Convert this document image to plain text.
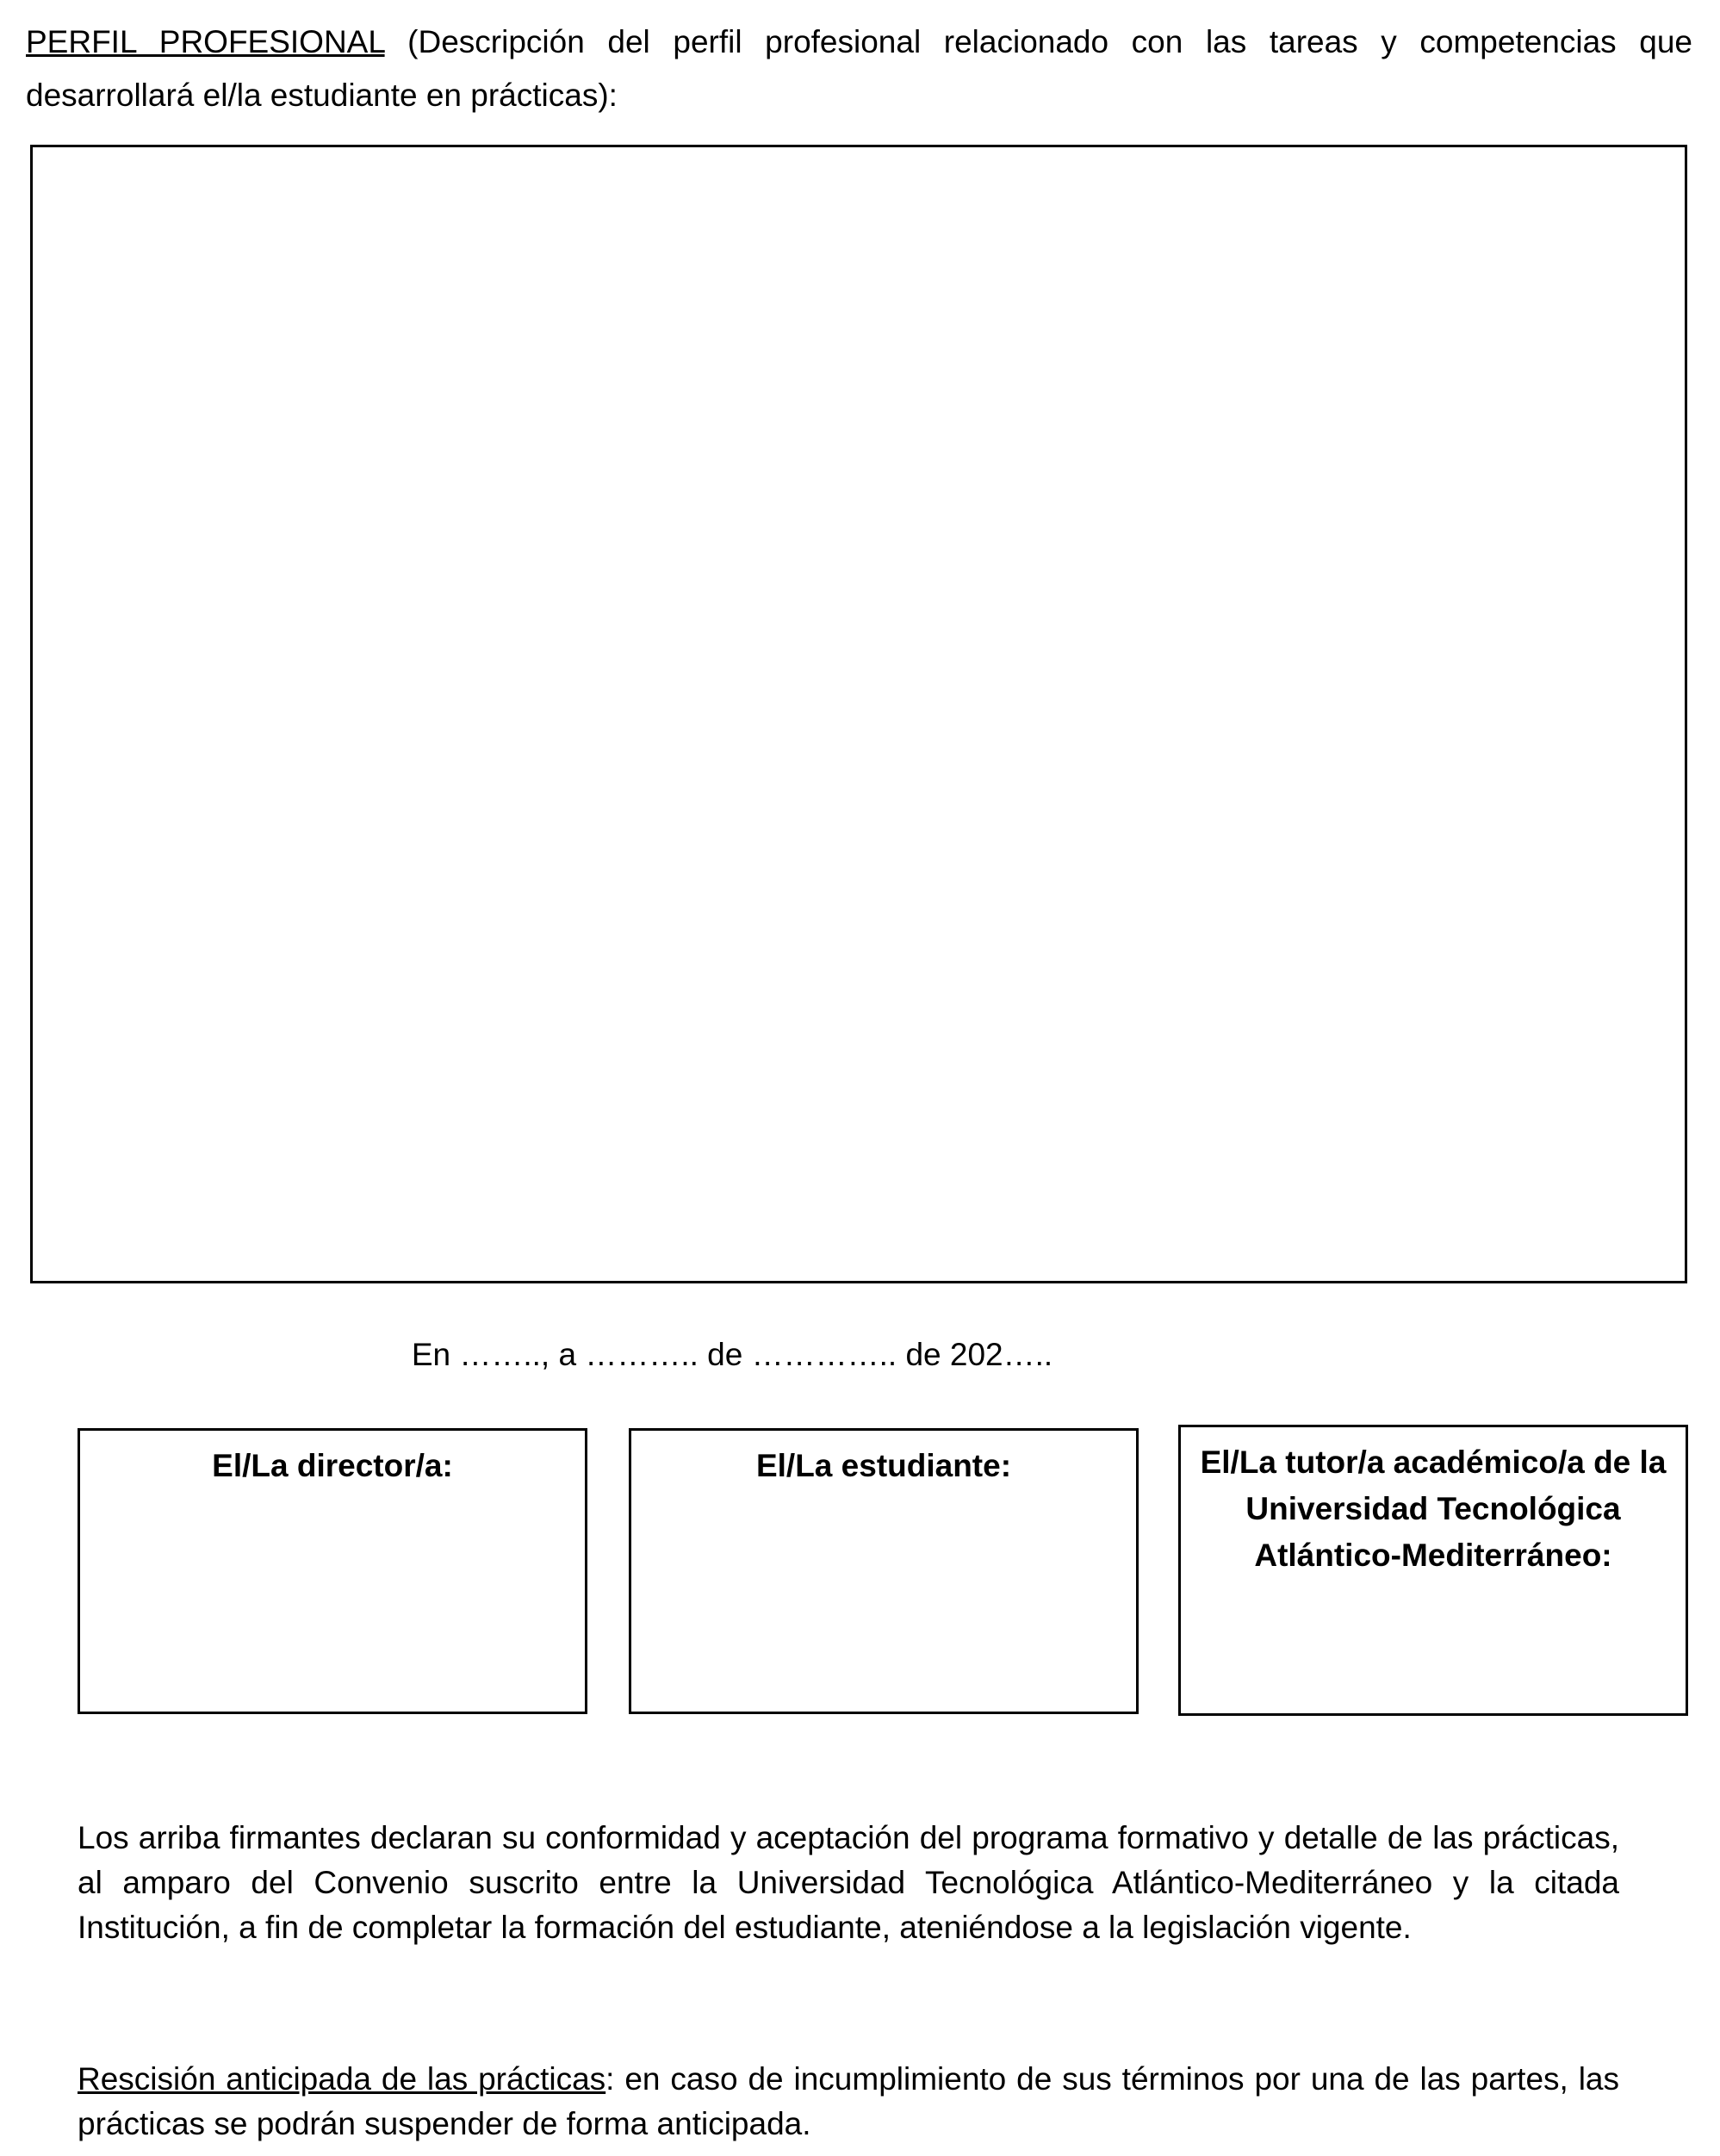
PERFIL PROFESIONAL (Descripción del perfil profesional relacionado con las tareas y competencias que desarrollará el/la estudiante en prácticas):

En …….., a ……….. de ………….. de 202…..

El/La director/a:	El/La estudiante:	El/La tutor/a académico/a de la Universidad Tecnológica Atlántico-Mediterráneo:

Los arriba firmantes declaran su conformidad y aceptación del programa formativo y detalle de las prácticas, al amparo del Convenio suscrito entre la Universidad Tecnológica Atlántico-Mediterráneo y la citada Institución, a fin de completar la formación del estudiante, ateniéndose a la legislación vigente.

Rescisión anticipada de las prácticas: en caso de incumplimiento de sus términos por una de las partes, las prácticas se podrán suspender de forma anticipada.
